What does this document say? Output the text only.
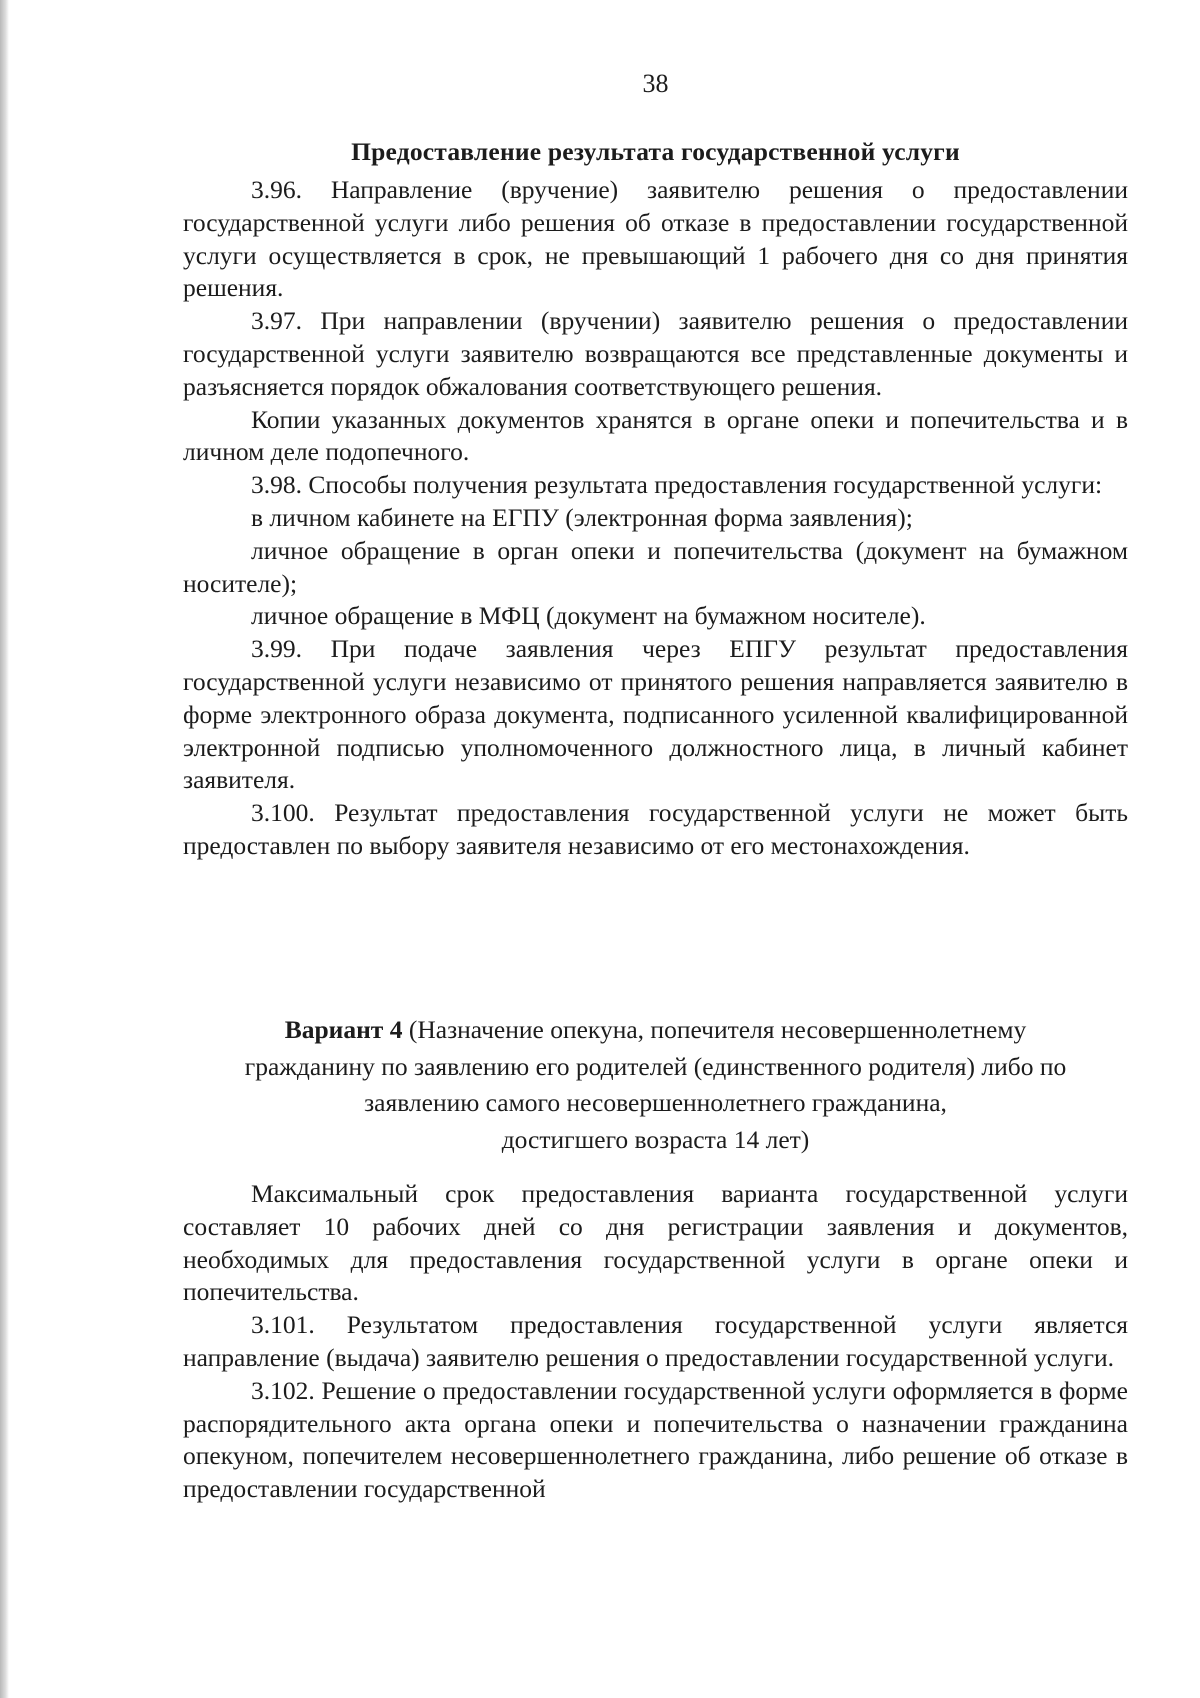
38
Предоставление результата государственной услуги

3.96. Направление (вручение) заявителю решения о предоставлении государственной услуги либо решения об отказе в предоставлении государственной услуги осуществляется в срок, не превышающий 1 рабочего дня со дня принятия решения.

3.97. При направлении (вручении) заявителю решения о предоставлении государственной услуги заявителю возвращаются все представленные документы и разъясняется порядок обжалования соответствующего решения.

Копии указанных документов хранятся в органе опеки и попечительства и в личном деле подопечного.

3.98. Способы получения результата предоставления государственной услуги:

в личном кабинете на ЕГПУ (электронная форма заявления);

личное обращение в орган опеки и попечительства (документ на бумажном носителе);

личное обращение в МФЦ (документ на бумажном носителе).

3.99. При подаче заявления через ЕПГУ результат предоставления государственной услуги независимо от принятого решения направляется заявителю в форме электронного образа документа, подписанного усиленной квалифицированной электронной подписью уполномоченного должностного лица, в личный кабинет заявителя.

3.100. Результат предоставления государственной услуги не может быть предоставлен по выбору заявителя независимо от его местонахождения.

Вариант 4 (Назначение опекуна, попечителя несовершеннолетнему
гражданину по заявлению его родителей (единственного родителя) либо по
заявлению самого несовершеннолетнего гражданина,
достигшего возраста 14 лет)

Максимальный срок предоставления варианта государственной услуги составляет 10 рабочих дней со дня регистрации заявления и документов, необходимых для предоставления государственной услуги в органе опеки и попечительства.

3.101. Результатом предоставления государственной услуги является направление (выдача) заявителю решения о предоставлении государственной услуги.

3.102. Решение о предоставлении государственной услуги оформляется в форме распорядительного акта органа опеки и попечительства о назначении гражданина опекуном, попечителем несовершеннолетнего гражданина, либо решение об отказе в предоставлении государственной
